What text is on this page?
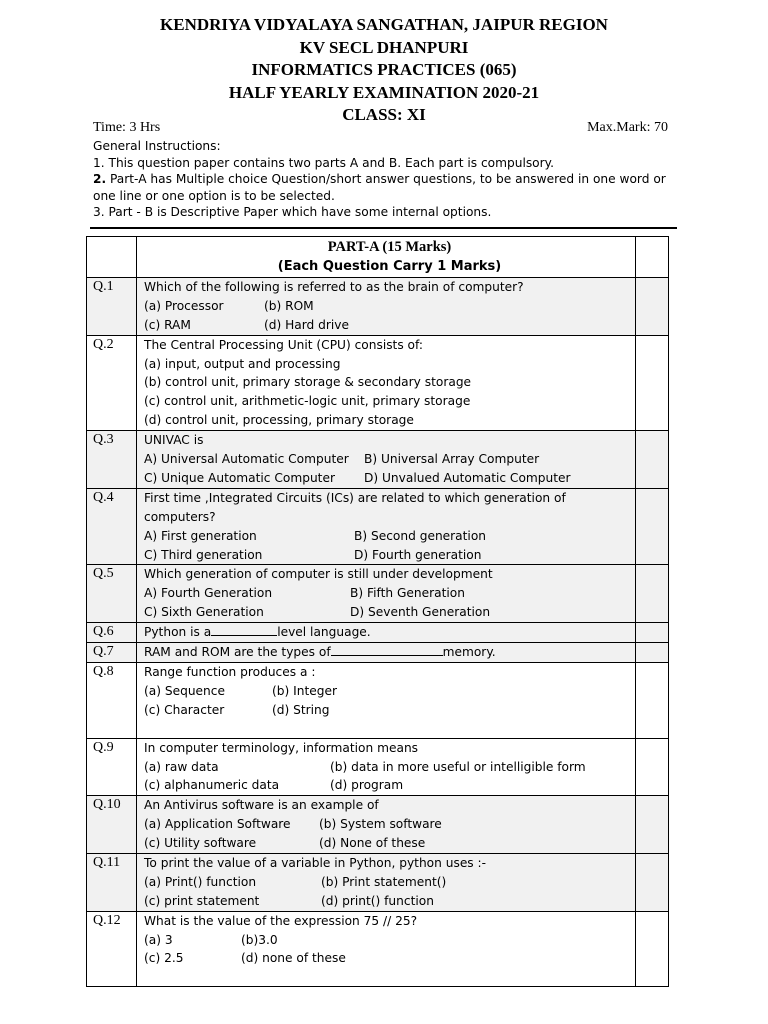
KENDRIYA VIDYALAYA SANGATHAN, JAIPUR REGION
KV SECL DHANPURI
INFORMATICS PRACTICES (065)
HALF YEARLY EXAMINATION 2020-21
CLASS: XI
Time: 3 Hrs	Max.Mark: 70
General Instructions:
1. This question paper contains two parts A and B. Each part is compulsory.
2. Part-A has Multiple choice Question/short answer questions, to be answered in one word or one line or one option is to be selected.
3. Part - B is Descriptive Paper which have some internal options.

	PART-A (15 Marks)
(Each Question Carry 1 Marks)	

Q.1	Which of the following is referred to as the brain of computer?
(a) Processor (b) ROM
(c) RAM (d) Hard drive	

Q.2	The Central Processing Unit (CPU) consists of:
(a) input, output and processing
(b) control unit, primary storage & secondary storage
(c) control unit, arithmetic-logic unit, primary storage
(d) control unit, processing, primary storage	

Q.3	UNIVAC is
A) Universal Automatic Computer B) Universal Array Computer
C) Unique Automatic Computer D) Unvalued Automatic Computer	

Q.4	First time ,Integrated Circuits (ICs) are related to which generation of computers?
A) First generation B) Second generation
C) Third generation D) Fourth generation	

Q.5	Which generation of computer is still under development
A) Fourth Generation B) Fifth Generation
C) Sixth Generation D) Seventh Generation	

Q.6	Python is a level language.	

Q.7	RAM and ROM are the types of memory.	

Q.8	Range function produces a :
(a) Sequence (b) Integer
(c) Character (d) String	

Q.9	In computer terminology, information means
(a) raw data (b) data in more useful or intelligible form
(c) alphanumeric data (d) program	

Q.10	An Antivirus software is an example of
(a) Application Software (b) System software
(c) Utility software (d) None of these	

Q.11	To print the value of a variable in Python, python uses :-
(a) Print() function (b) Print statement()
(c) print statement (d) print() function	

Q.12	What is the value of the expression 75 // 25?
(a) 3 (b)3.0
(c) 2.5 (d) none of these	
